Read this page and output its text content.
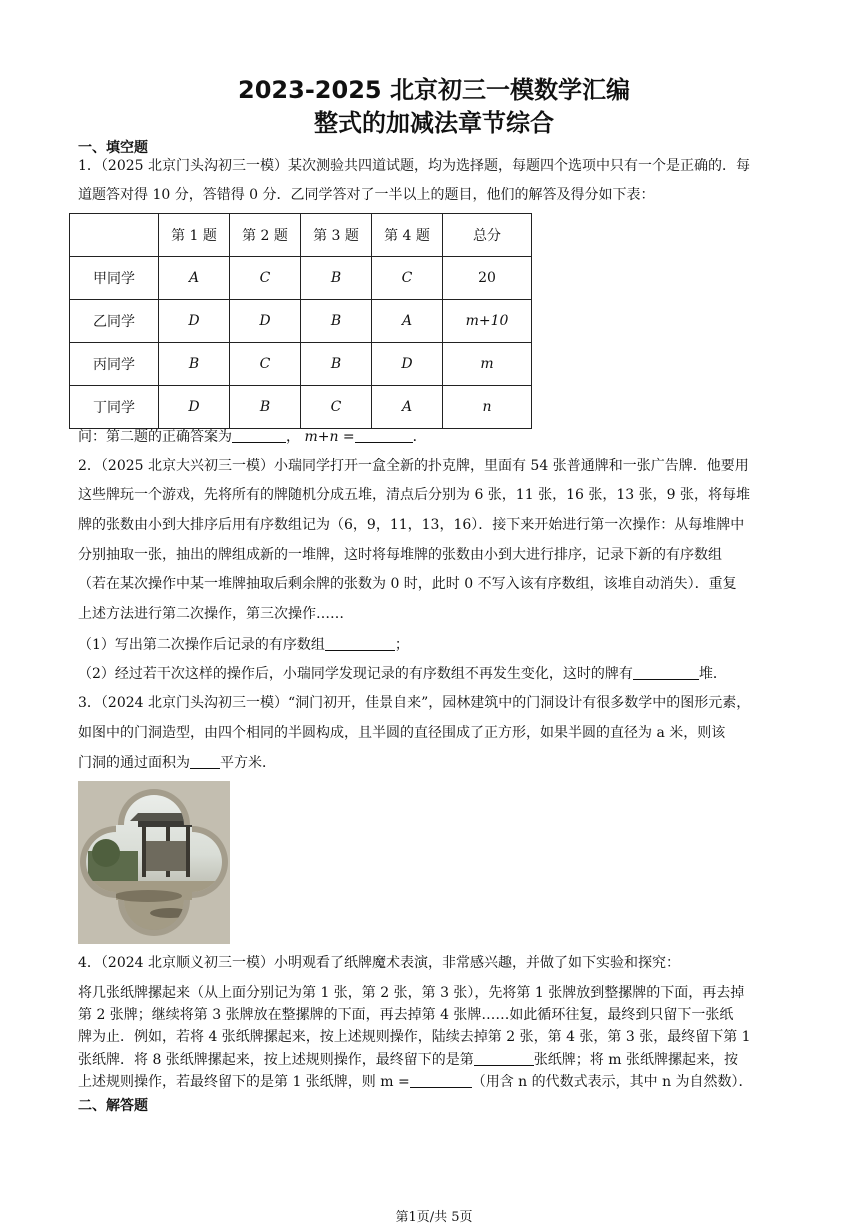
2023-2025 北京初三一模数学汇编
整式的加减法章节综合
一、填空题
1．（2025 北京门头沟初三一模）某次测验共四道试题，均为选择题，每题四个选项中只有一个是正确的．每
道题答对得 10 分，答错得 0 分．乙同学答对了一半以上的题目，他们的解答及得分如下表：
	第 1 题	第 2 题	第 3 题	第 4 题	总分
甲同学	A	C	B	C	20
乙同学	D	D	B	A	m+10
丙同学	B	C	B	D	m
丁同学	D	B	C	A	n
问：第二题的正确答案为	， m+n =	．
2．（2025 北京大兴初三一模）小瑞同学打开一盒全新的扑克牌，里面有 54 张普通牌和一张广告牌．他要用
这些牌玩一个游戏，先将所有的牌随机分成五堆，清点后分别为 6 张，11 张，16 张，13 张，9 张，将每堆
牌的张数由小到大排序后用有序数组记为（6，9，11，13，16）．接下来开始进行第一次操作：从每堆牌中
分别抽取一张，抽出的牌组成新的一堆牌，这时将每堆牌的张数由小到大进行排序，记录下新的有序数组
（若在某次操作中某一堆牌抽取后剩余牌的张数为 0 时，此时 0 不写入该有序数组，该堆自动消失）．重复
上述方法进行第二次操作，第三次操作……
（1）写出第二次操作后记录的有序数组	；
（2）经过若干次这样的操作后，小瑞同学发现记录的有序数组不再发生变化，这时的牌有	堆．
3．（2024 北京门头沟初三一模）“洞门初开，佳景自来”，园林建筑中的门洞设计有很多数学中的图形元素，
如图中的门洞造型，由四个相同的半圆构成，且半圆的直径围成了正方形，如果半圆的直径为 a 米，则该
门洞的通过面积为 平方米．
4．（2024 北京顺义初三一模）小明观看了纸牌魔术表演，非常感兴趣，并做了如下实验和探究：
将几张纸牌摞起来（从上面分别记为第 1 张，第 2 张，第 3 张），先将第 1 张牌放到整摞牌的下面，再去掉
第 2 张牌；继续将第 3 张牌放在整摞牌的下面，再去掉第 4 张牌……如此循环往复，最终到只留下一张纸
牌为止．例如，若将 4 张纸牌摞起来，按上述规则操作，陆续去掉第 2 张，第 4 张，第 3 张，最终留下第 1
张纸牌．将 8 张纸牌摞起来，按上述规则操作，最终留下的是第	张纸牌；将 m 张纸牌摞起来，按
上述规则操作，若最终留下的是第 1 张纸牌，则 m =	（用含 n 的代数式表示，其中 n 为自然数）．
二、解答题
第1页/共 5页
